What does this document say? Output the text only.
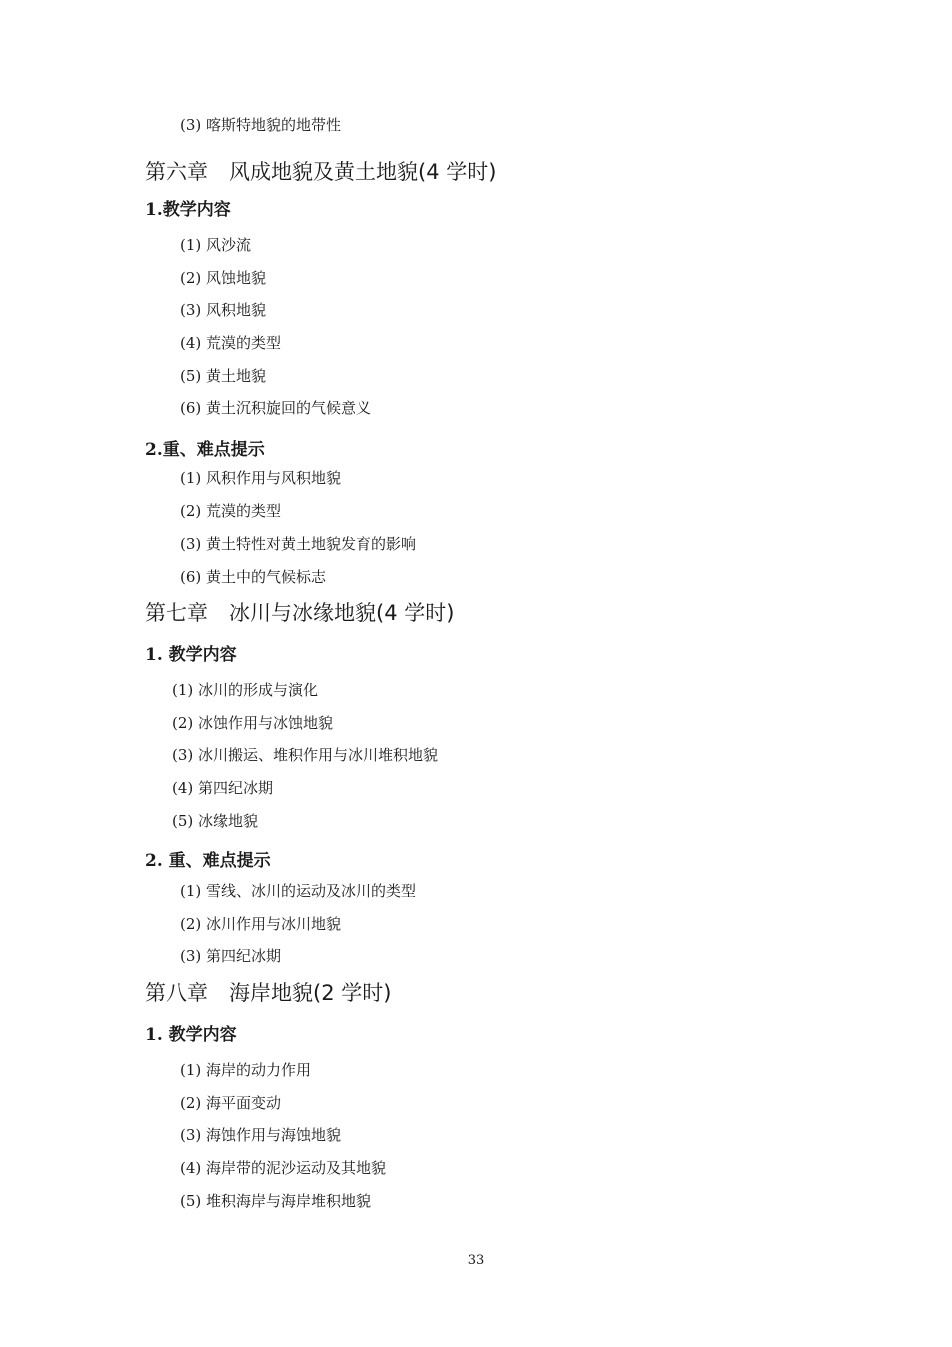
(3) 喀斯特地貌的地带性
第六章　风成地貌及黄土地貌(4 学时)
1.教学内容
(1) 风沙流
(2) 风蚀地貌
(3) 风积地貌
(4) 荒漠的类型
(5) 黄土地貌
(6) 黄土沉积旋回的气候意义
2.重、难点提示
(1) 风积作用与风积地貌
(2) 荒漠的类型
(3) 黄土特性对黄土地貌发育的影响
(6) 黄土中的气候标志
第七章　冰川与冰缘地貌(4 学时)
1. 教学内容
(1) 冰川的形成与演化
(2) 冰蚀作用与冰蚀地貌
(3) 冰川搬运、堆积作用与冰川堆积地貌
(4) 第四纪冰期
(5) 冰缘地貌
2. 重、难点提示
(1) 雪线、冰川的运动及冰川的类型
(2) 冰川作用与冰川地貌
(3) 第四纪冰期
第八章　海岸地貌(2 学时)
1. 教学内容
(1) 海岸的动力作用
(2) 海平面变动
(3) 海蚀作用与海蚀地貌
(4) 海岸带的泥沙运动及其地貌
(5) 堆积海岸与海岸堆积地貌
33
